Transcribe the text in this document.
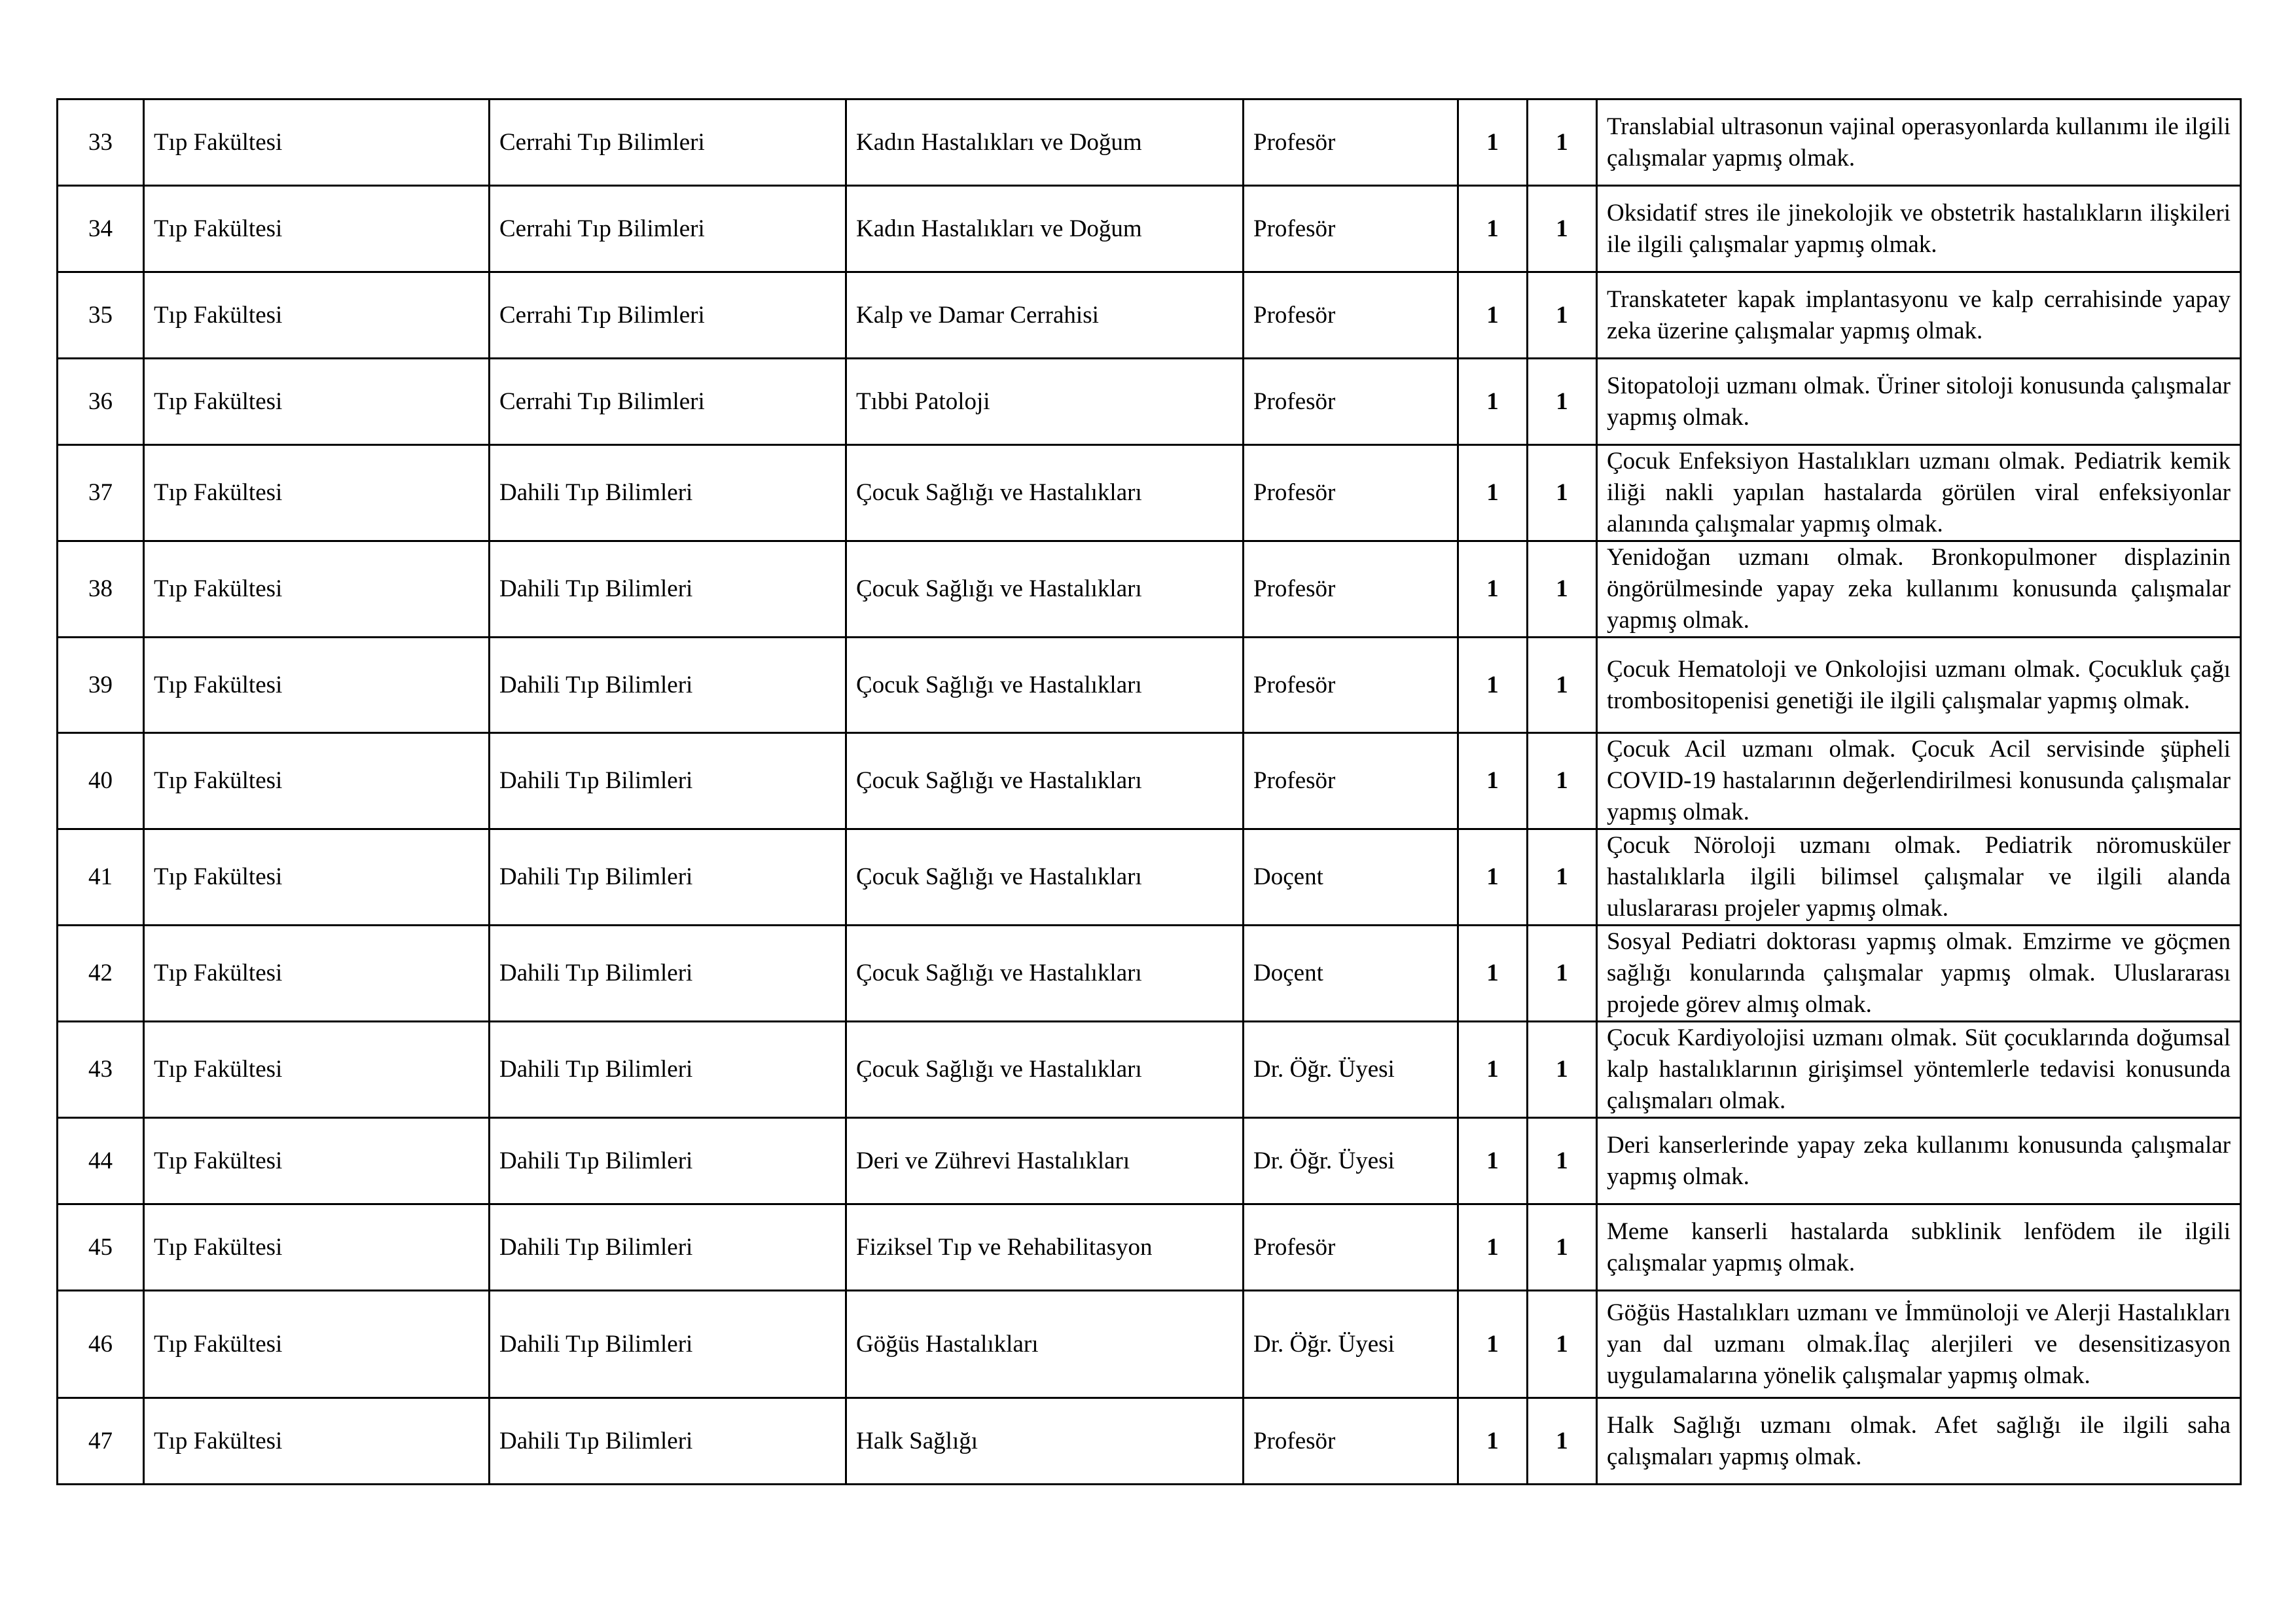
33	Tıp Fakültesi	Cerrahi Tıp Bilimleri	Kadın Hastalıkları ve Doğum	Profesör	1	1	Translabial ultrasonun vajinal operasyonlarda kullanımı ile ilgili çalışmalar yapmış olmak.
34	Tıp Fakültesi	Cerrahi Tıp Bilimleri	Kadın Hastalıkları ve Doğum	Profesör	1	1	Oksidatif stres ile jinekolojik ve obstetrik hastalıkların ilişkileri ile ilgili çalışmalar yapmış olmak.
35	Tıp Fakültesi	Cerrahi Tıp Bilimleri	Kalp ve Damar Cerrahisi	Profesör	1	1	Transkateter kapak implantasyonu ve kalp cerrahisinde yapay zeka üzerine çalışmalar yapmış olmak.
36	Tıp Fakültesi	Cerrahi Tıp Bilimleri	Tıbbi Patoloji	Profesör	1	1	Sitopatoloji uzmanı olmak. Üriner sitoloji konusunda çalışmalar yapmış olmak.
37	Tıp Fakültesi	Dahili Tıp Bilimleri	Çocuk Sağlığı ve Hastalıkları	Profesör	1	1	Çocuk Enfeksiyon Hastalıkları uzmanı olmak. Pediatrik kemik iliği nakli yapılan hastalarda görülen viral enfeksiyonlar alanında çalışmalar yapmış olmak.
38	Tıp Fakültesi	Dahili Tıp Bilimleri	Çocuk Sağlığı ve Hastalıkları	Profesör	1	1	Yenidoğan uzmanı olmak. Bronkopulmoner displazinin öngörülmesinde yapay zeka kullanımı konusunda çalışmalar yapmış olmak.
39	Tıp Fakültesi	Dahili Tıp Bilimleri	Çocuk Sağlığı ve Hastalıkları	Profesör	1	1	Çocuk Hematoloji ve Onkolojisi uzmanı olmak. Çocukluk çağı trombositopenisi genetiği ile ilgili çalışmalar yapmış olmak.
40	Tıp Fakültesi	Dahili Tıp Bilimleri	Çocuk Sağlığı ve Hastalıkları	Profesör	1	1	Çocuk Acil uzmanı olmak. Çocuk Acil servisinde şüpheli COVID-19 hastalarının değerlendirilmesi konusunda çalışmalar yapmış olmak.
41	Tıp Fakültesi	Dahili Tıp Bilimleri	Çocuk Sağlığı ve Hastalıkları	Doçent	1	1	Çocuk Nöroloji uzmanı olmak. Pediatrik nöromusküler hastalıklarla ilgili bilimsel çalışmalar ve ilgili alanda uluslararası projeler yapmış olmak.
42	Tıp Fakültesi	Dahili Tıp Bilimleri	Çocuk Sağlığı ve Hastalıkları	Doçent	1	1	Sosyal Pediatri doktorası yapmış olmak. Emzirme ve göçmen sağlığı konularında çalışmalar yapmış olmak. Uluslararası projede görev almış olmak.
43	Tıp Fakültesi	Dahili Tıp Bilimleri	Çocuk Sağlığı ve Hastalıkları	Dr. Öğr. Üyesi	1	1	Çocuk Kardiyolojisi uzmanı olmak. Süt çocuklarında doğumsal kalp hastalıklarının girişimsel yöntemlerle tedavisi konusunda çalışmaları olmak.
44	Tıp Fakültesi	Dahili Tıp Bilimleri	Deri ve Zührevi Hastalıkları	Dr. Öğr. Üyesi	1	1	Deri kanserlerinde yapay zeka kullanımı konusunda çalışmalar yapmış olmak.
45	Tıp Fakültesi	Dahili Tıp Bilimleri	Fiziksel Tıp ve Rehabilitasyon	Profesör	1	1	Meme kanserli hastalarda subklinik lenfödem ile ilgili çalışmalar yapmış olmak.
46	Tıp Fakültesi	Dahili Tıp Bilimleri	Göğüs Hastalıkları	Dr. Öğr. Üyesi	1	1	Göğüs Hastalıkları uzmanı ve İmmünoloji ve Alerji Hastalıkları yan dal uzmanı olmak.İlaç alerjileri ve desensitizasyon uygulamalarına yönelik çalışmalar yapmış olmak.
47	Tıp Fakültesi	Dahili Tıp Bilimleri	Halk Sağlığı	Profesör	1	1	Halk Sağlığı uzmanı olmak. Afet sağlığı ile ilgili saha çalışmaları yapmış olmak.
